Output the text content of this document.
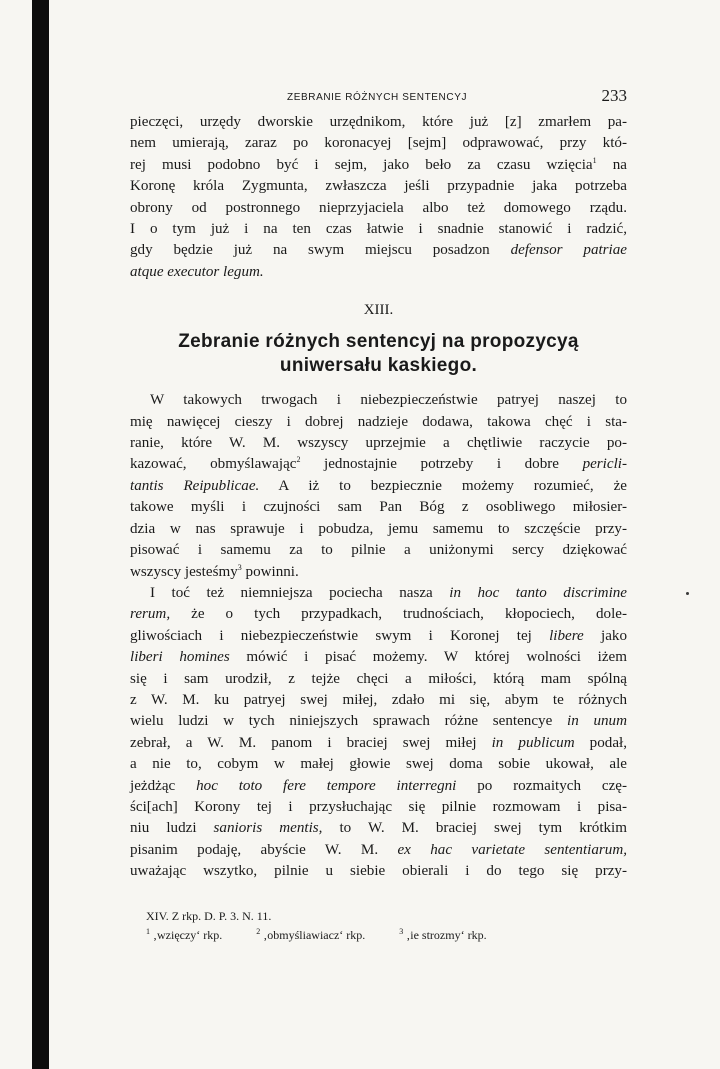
ZEBRANIE RÓŻNYCH SENTENCYJ	233
pieczęci, urzędy dworskie urzędnikom, które już [z] zmarłem pa-
nem umierają, zaraz po koronacyej [sejm] odprawować, przy któ-
rej musi podobno być i sejm, jako beło za czasu wzięcia$^1$ na
Koronę króla Zygmunta, zwłaszcza jeśli przypadnie jaka potrzeba
obrony od postronnego nieprzyjaciela albo też domowego rządu.
I o tym już i na ten czas łatwie i snadnie stanowić i radzić,
gdy będzie już na swym miejscu posadzon defensor patriae
atque executor legum.
XIII.
Zebranie różnych sentencyj na propozycyą
uniwersału kaskiego.
W takowych trwogach i niebezpieczeństwie patryej naszej to
mię nawięcej cieszy i dobrej nadzieje dodawa, takowa chęć i sta-
ranie, które W. M. wszyscy uprzejmie a chętliwie raczycie po-
kazować, obmyślawając$^2$ jednostajnie potrzeby i dobre pericli-
tantis Reipublicae. A iż to bezpiecznie możemy rozumieć, że
takowe myśli i czujności sam Pan Bóg z osobliwego miłosier-
dzia w nas sprawuje i pobudza, jemu samemu to szczęście przy-
pisować i samemu za to pilnie a uniżonymi sercy dziękować
wszyscy jesteśmy$^3$ powinni.
I toć też niemniejsza pociecha nasza in hoc tanto discrimine
rerum, że o tych przypadkach, trudnościach, kłopociech, dole-
gliwościach i niebezpieczeństwie swym i Koronej tej libere jako
liberi homines mówić i pisać możemy. W której wolności iżem
się i sam urodził, z tejże chęci a miłości, którą mam spólną
z W. M. ku patryej swej miłej, zdało mi się, abym te różnych
wielu ludzi w tych niniejszych sprawach różne sentencye in unum
zebrał, a W. M. panom i braciej swej miłej in publicum podał,
a nie to, cobym w małej głowie swej doma sobie ukował, ale
jeżdżąc hoc toto fere tempore interregni po rozmaitych czę-
ści[ach] Korony tej i przysłuchając się pilnie rozmowam i pisa-
niu ludzi sanioris mentis, to W. M. braciej swej tym krótkim
pisanim podaję, abyście W. M. ex hac varietate sententiarum,
uważając wszytko, pilnie u siebie obierali i do tego się przy-
XIV. Z rkp. D. P. 3. N. 11.
$^1$ ‚wzięczy‘ rkp.	$^2$ ‚obmyśliawiacz‘ rkp.	$^3$ ‚ie strozmy‘ rkp.
